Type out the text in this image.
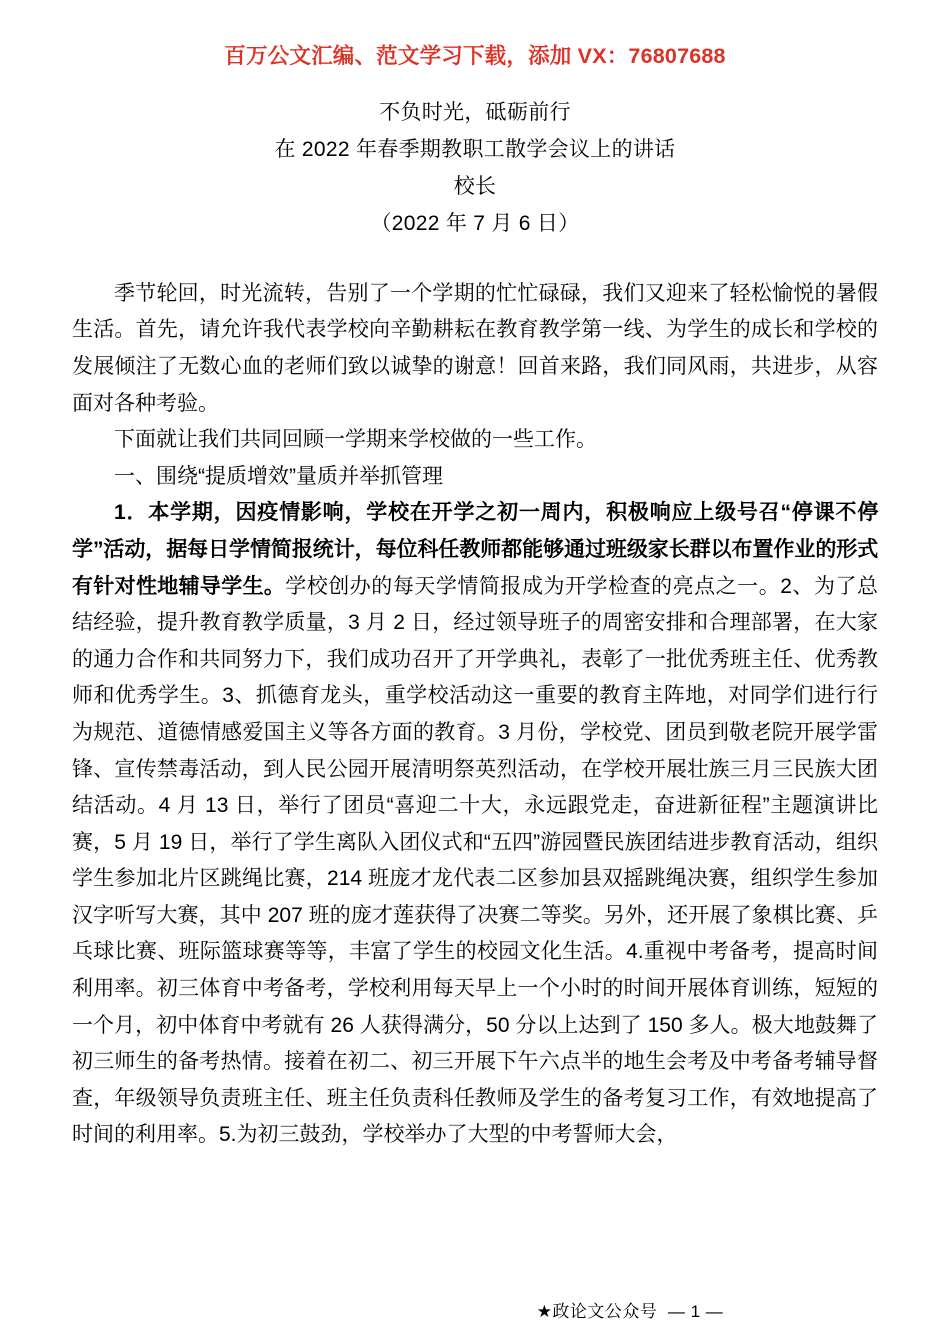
百万公文汇编、范文学习下载，添加 VX：76807688
不负时光，砥砺前行
在 2022 年春季期教职工散学会议上的讲话
校长
（2022 年 7 月 6 日）

季节轮回，时光流转，告别了一个学期的忙忙碌碌，我们又迎来了轻松愉悦的暑假生活。首先，请允许我代表学校向辛勤耕耘在教育教学第一线、为学生的成长和学校的发展倾注了无数心血的老师们致以诚挚的谢意！回首来路，我们同风雨，共进步，从容面对各种考验。

下面就让我们共同回顾一学期来学校做的一些工作。

一、围绕“提质增效”量质并举抓管理

1．本学期，因疫情影响，学校在开学之初一周内，积极响应上级号召“停课不停学”活动，据每日学情简报统计，每位科任教师都能够通过班级家长群以布置作业的形式有针对性地辅导学生。学校创办的每天学情简报成为开学检查的亮点之一。2、为了总结经验，提升教育教学质量，3 月 2 日，经过领导班子的周密安排和合理部署，在大家的通力合作和共同努力下，我们成功召开了开学典礼，表彰了一批优秀班主任、优秀教师和优秀学生。3、抓德育龙头，重学校活动这一重要的教育主阵地，对同学们进行行为规范、道德情感爱国主义等各方面的教育。3 月份，学校党、团员到敬老院开展学雷锋、宣传禁毒活动，到人民公园开展清明祭英烈活动，在学校开展壮族三月三民族大团结活动。4 月 13 日，举行了团员“喜迎二十大，永远跟党走，奋进新征程”主题演讲比赛，5 月 19 日，举行了学生离队入团仪式和“五四”游园暨民族团结进步教育活动，组织学生参加北片区跳绳比赛，214 班庞才龙代表二区参加县双摇跳绳决赛，组织学生参加汉字听写大赛，其中 207 班的庞才莲获得了决赛二等奖。另外，还开展了象棋比赛、乒乓球比赛、班际篮球赛等等，丰富了学生的校园文化生活。4.重视中考备考，提高时间利用率。初三体育中考备考，学校利用每天早上一个小时的时间开展体育训练，短短的一个月，初中体育中考就有 26 人获得满分，50 分以上达到了 150 多人。极大地鼓舞了初三师生的备考热情。接着在初二、初三开展下午六点半的地生会考及中考备考辅导督查，年级领导负责班主任、班主任负责科任教师及学生的备考复习工作，有效地提高了时间的利用率。5.为初三鼓劲，学校举办了大型的中考誓师大会，

★政论文公众号 — 1 —
